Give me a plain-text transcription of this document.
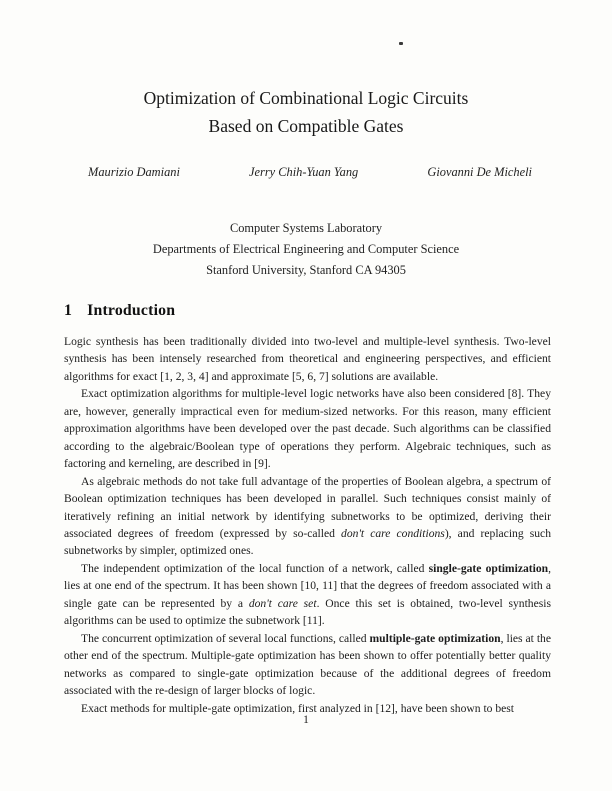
Optimization of Combinational Logic Circuits
Based on Compatible Gates
Maurizio Damiani	Jerry Chih-Yuan Yang	Giovanni De Micheli
Computer Systems Laboratory
Departments of Electrical Engineering and Computer Science
Stanford University, Stanford CA 94305
1 Introduction

Logic synthesis has been traditionally divided into two-level and multiple-level synthesis. Two-level synthesis has been intensely researched from theoretical and engineering perspectives, and efficient algorithms for exact [1, 2, 3, 4] and approximate [5, 6, 7] solutions are available.

Exact optimization algorithms for multiple-level logic networks have also been considered [8]. They are, however, generally impractical even for medium-sized networks. For this reason, many efficient approximation algorithms have been developed over the past decade. Such algorithms can be classified according to the algebraic/Boolean type of operations they perform. Algebraic techniques, such as factoring and kerneling, are described in [9].

As algebraic methods do not take full advantage of the properties of Boolean algebra, a spectrum of Boolean optimization techniques has been developed in parallel. Such techniques consist mainly of iteratively refining an initial network by identifying subnetworks to be optimized, deriving their associated degrees of freedom (expressed by so-called don't care conditions), and replacing such subnetworks by simpler, optimized ones.

The independent optimization of the local function of a network, called single-gate optimization, lies at one end of the spectrum. It has been shown [10, 11] that the degrees of freedom associated with a single gate can be represented by a don't care set. Once this set is obtained, two-level synthesis algorithms can be used to optimize the subnetwork [11].

The concurrent optimization of several local functions, called multiple-gate optimization, lies at the other end of the spectrum. Multiple-gate optimization has been shown to offer potentially better quality networks as compared to single-gate optimization because of the additional degrees of freedom associated with the re-design of larger blocks of logic.

Exact methods for multiple-gate optimization, first analyzed in [12], have been shown to best

1
